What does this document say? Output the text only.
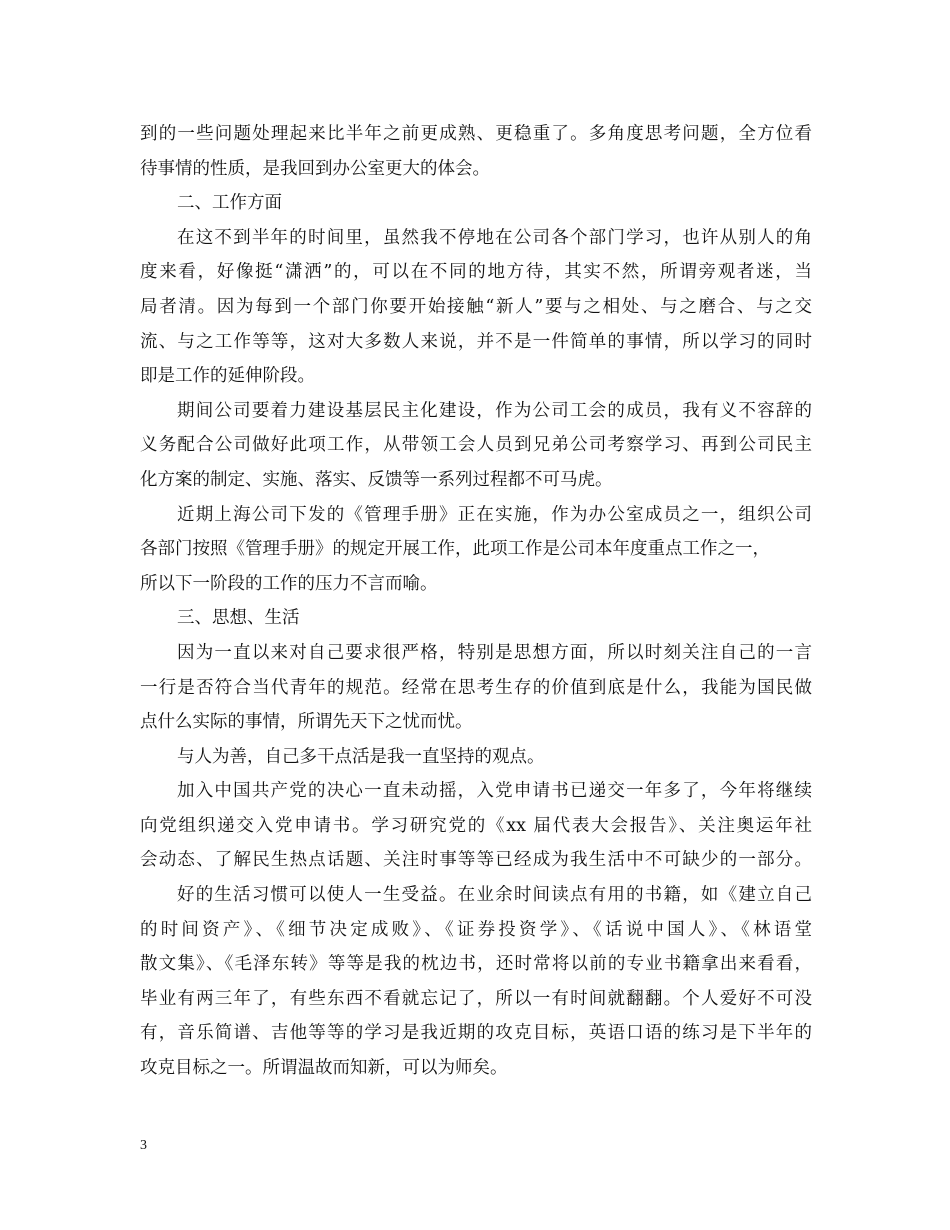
到的一些问题处理起来比半年之前更成熟、更稳重了。多角度思考问题，全方位看
待事情的性质，是我回到办公室更大的体会。
二、工作方面
在这不到半年的时间里，虽然我不停地在公司各个部门学习，也许从别人的角
度来看，好像挺“潇洒”的，可以在不同的地方待，其实不然，所谓旁观者迷，当
局者清。因为每到一个部门你要开始接触“新人”要与之相处、与之磨合、与之交
流、与之工作等等，这对大多数人来说，并不是一件简单的事情，所以学习的同时
即是工作的延伸阶段。
期间公司要着力建设基层民主化建设，作为公司工会的成员，我有义不容辞的
义务配合公司做好此项工作，从带领工会人员到兄弟公司考察学习、再到公司民主
化方案的制定、实施、落实、反馈等一系列过程都不可马虎。
近期上海公司下发的《管理手册》正在实施，作为办公室成员之一，组织公司
各部门按照《管理手册》的规定开展工作，此项工作是公司本年度重点工作之一，
所以下一阶段的工作的压力不言而喻。
三、思想、生活
因为一直以来对自己要求很严格，特别是思想方面，所以时刻关注自己的一言
一行是否符合当代青年的规范。经常在思考生存的价值到底是什么，我能为国民做
点什么实际的事情，所谓先天下之忧而忧。
与人为善，自己多干点活是我一直坚持的观点。
加入中国共产党的决心一直未动摇，入党申请书已递交一年多了，今年将继续
向党组织递交入党申请书。学习研究党的《xx 届代表大会报告》、关注奥运年社
会动态、了解民生热点话题、关注时事等等已经成为我生活中不可缺少的一部分。
好的生活习惯可以使人一生受益。在业余时间读点有用的书籍，如《建立自己
的时间资产》、《细节决定成败》、《证券投资学》、《话说中国人》、《林语堂
散文集》、《毛泽东转》等等是我的枕边书，还时常将以前的专业书籍拿出来看看，
毕业有两三年了，有些东西不看就忘记了，所以一有时间就翻翻。个人爱好不可没
有，音乐简谱、吉他等等的学习是我近期的攻克目标，英语口语的练习是下半年的
攻克目标之一。所谓温故而知新，可以为师矣。
3
